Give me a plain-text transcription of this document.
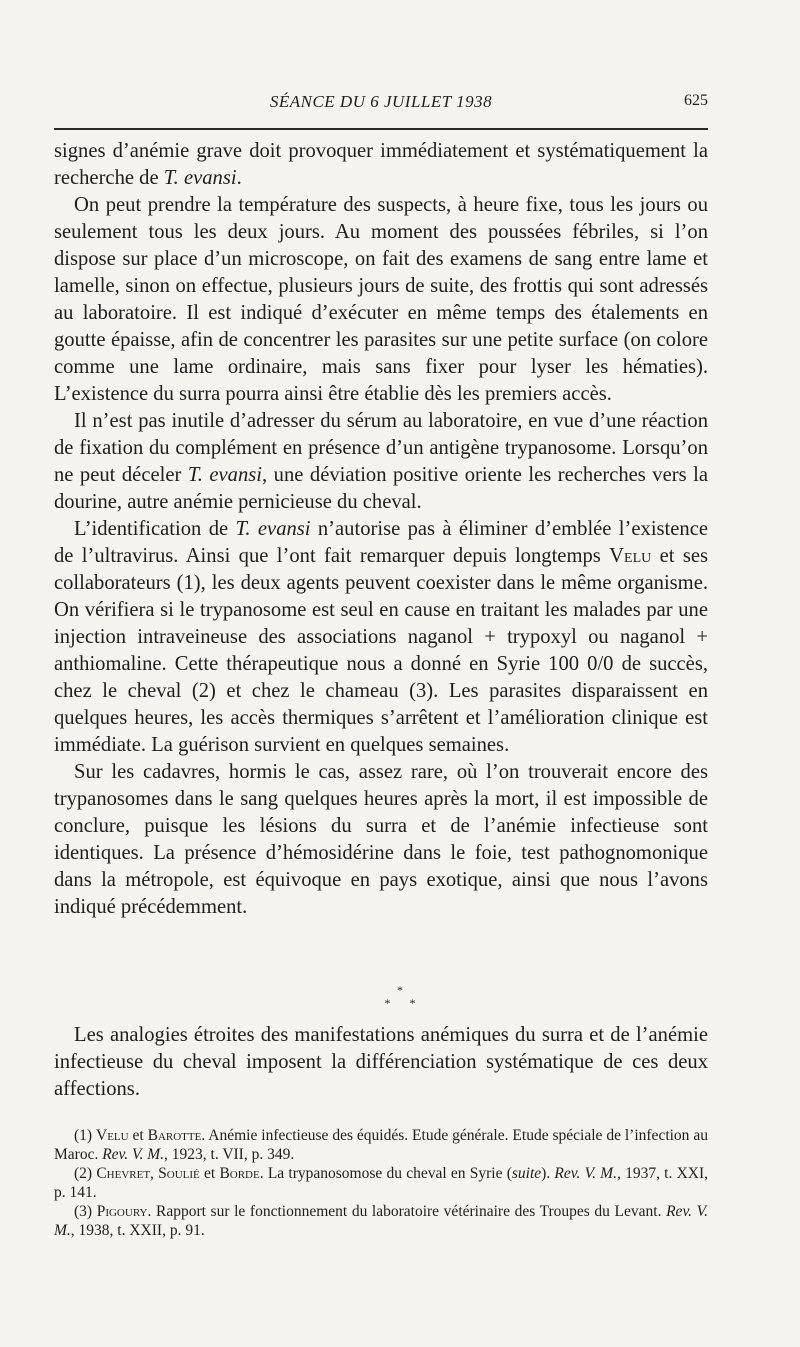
SÉANCE DU 6 JUILLET 1938	625

signes d’anémie grave doit provoquer immédiatement et systématiquement la recherche de T. evansi.

On peut prendre la température des suspects, à heure fixe, tous les jours ou seulement tous les deux jours. Au moment des poussées fébriles, si l’on dispose sur place d’un microscope, on fait des examens de sang entre lame et lamelle, sinon on effectue, plusieurs jours de suite, des frottis qui sont adressés au laboratoire. Il est indiqué d’exécuter en même temps des étalements en goutte épaisse, afin de concentrer les parasites sur une petite surface (on colore comme une lame ordinaire, mais sans fixer pour lyser les hématies). L’existence du surra pourra ainsi être établie dès les premiers accès.

Il n’est pas inutile d’adresser du sérum au laboratoire, en vue d’une réaction de fixation du complément en présence d’un antigène trypanosome. Lorsqu’on ne peut déceler T. evansi, une déviation positive oriente les recherches vers la dourine, autre anémie pernicieuse du cheval.

L’identification de T. evansi n’autorise pas à éliminer d’emblée l’existence de l’ultravirus. Ainsi que l’ont fait remarquer depuis longtemps Velu et ses collaborateurs (1), les deux agents peuvent coexister dans le même organisme. On vérifiera si le trypanosome est seul en cause en traitant les malades par une injection intraveineuse des associations naganol + trypoxyl ou naganol + anthiomaline. Cette thérapeutique nous a donné en Syrie 100 0/0 de succès, chez le cheval (2) et chez le chameau (3). Les parasites disparaissent en quelques heures, les accès thermiques s’arrêtent et l’amélioration clinique est immédiate. La guérison survient en quelques semaines.

Sur les cadavres, hormis le cas, assez rare, où l’on trouverait encore des trypanosomes dans le sang quelques heures après la mort, il est impossible de conclure, puisque les lésions du surra et de l’anémie infectieuse sont identiques. La présence d’hémosidérine dans le foie, test pathognomonique dans la métropole, est équivoque en pays exotique, ainsi que nous l’avons indiqué précédemment.

*
* *

Les analogies étroites des manifestations anémiques du surra et de l’anémie infectieuse du cheval imposent la différenciation systématique de ces deux affections.

(1) Velu et Barotte. Anémie infectieuse des équidés. Etude générale. Etude spéciale de l’infection au Maroc. Rev. V. M., 1923, t. VII, p. 349.

(2) Chevret, Soulié et Borde. La trypanosomose du cheval en Syrie (suite). Rev. V. M., 1937, t. XXI, p. 141.

(3) Pigoury. Rapport sur le fonctionnement du laboratoire vétérinaire des Troupes du Levant. Rev. V. M., 1938, t. XXII, p. 91.
